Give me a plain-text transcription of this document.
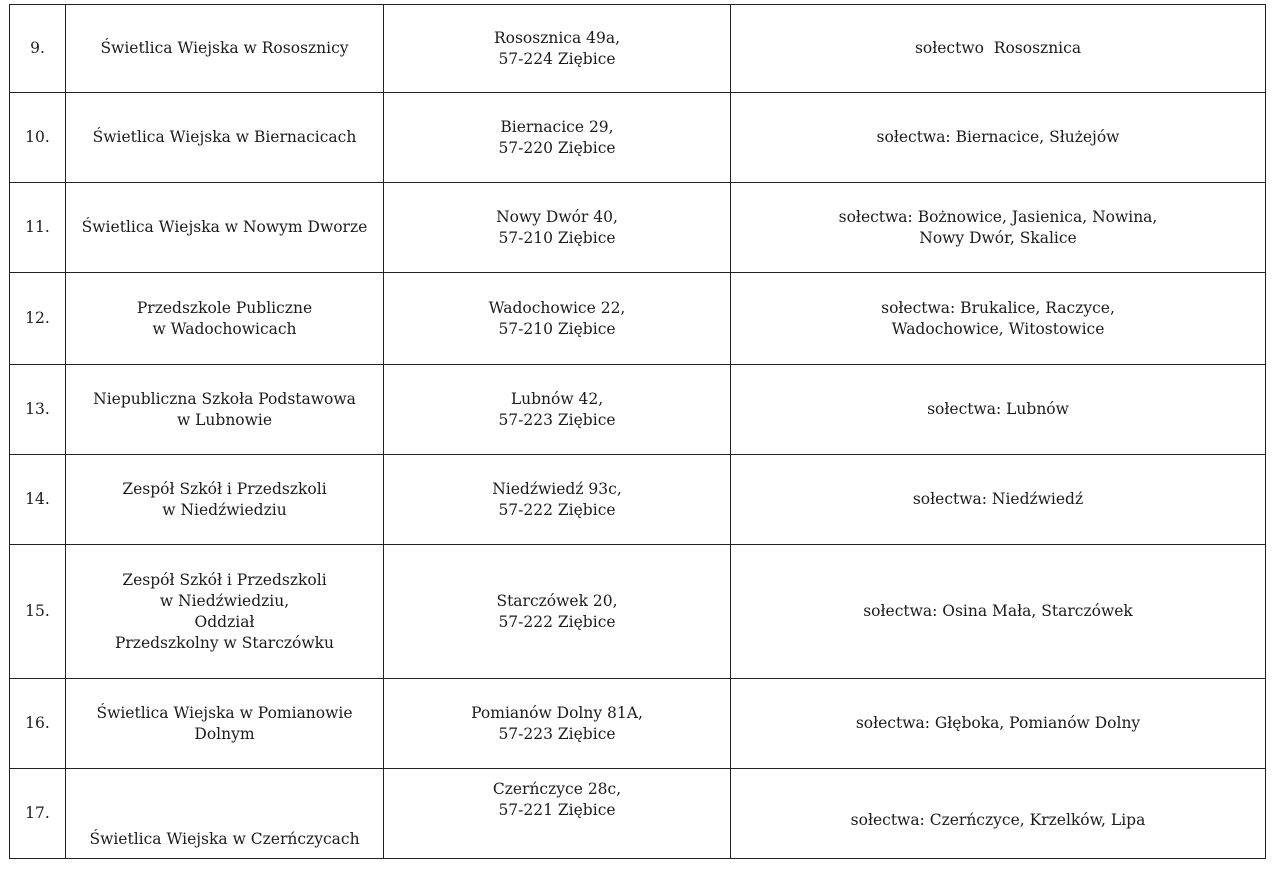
9.	Świetlica Wiejska w Rososznicy	Rososznica 49a,
57-224 Ziębice	sołectwo  Rososznica

10.	Świetlica Wiejska w Biernacicach	Biernacice 29,
57-220 Ziębice	sołectwa: Biernacice, Służejów

11.	Świetlica Wiejska w Nowym Dworze	Nowy Dwór 40,
57-210 Ziębice	sołectwa: Bożnowice, Jasienica, Nowina,
Nowy Dwór, Skalice

12.	Przedszkole Publiczne
w Wadochowicach	Wadochowice 22,
57-210 Ziębice	sołectwa: Brukalice, Raczyce,
Wadochowice, Witostowice

13.	Niepubliczna Szkoła Podstawowa
w Lubnowie	Lubnów 42,
57-223 Ziębice	sołectwa: Lubnów

14.	Zespół Szkół i Przedszkoli
w Niedźwiedziu	Niedźwiedź 93c,
57-222 Ziębice	sołectwa: Niedźwiedź

15.	Zespół Szkół i Przedszkoli
w Niedźwiedziu,
Oddział
Przedszkolny w Starczówku	Starczówek 20,
57-222 Ziębice	sołectwa: Osina Mała, Starczówek

16.	Świetlica Wiejska w Pomianowie
Dolnym	Pomianów Dolny 81A,
57-223 Ziębice	sołectwa: Głęboka, Pomianów Dolny

17.	Świetlica Wiejska w Czerńczycach	Czerńczyce 28c,
57-221 Ziębice	sołectwa: Czerńczyce, Krzelków, Lipa
